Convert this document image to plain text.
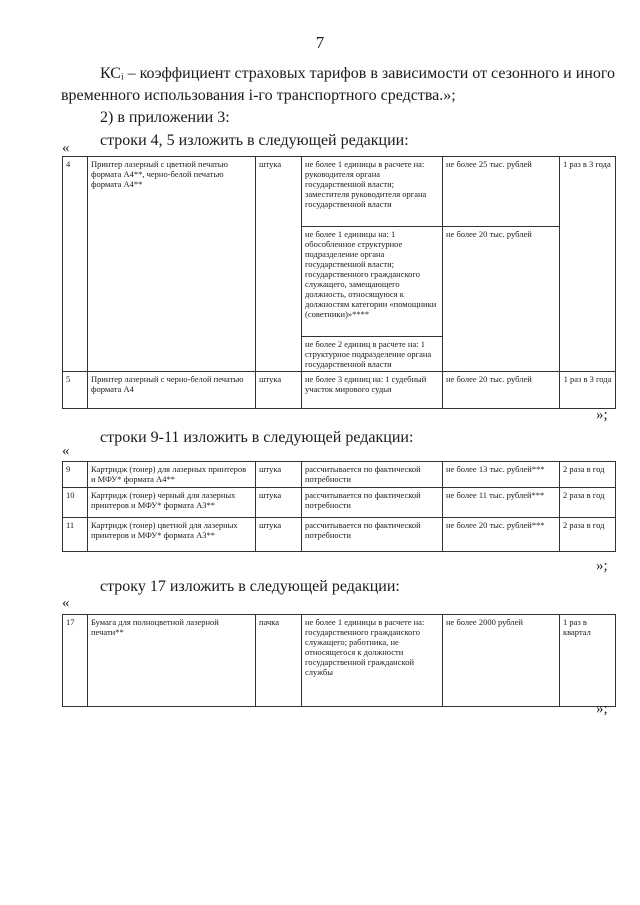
7
КСᵢ – коэффициент страховых тарифов в зависимости от сезонного и иного
временного использования i-го транспортного средства.»;
2) в приложении 3:
строки 4, 5 изложить в следующей редакции:
«
4	Принтер лазерный с цветной печатью формата А4**, черно-белой печатью формата А4**	штука	не более 1 единицы в расчете на: руководителя органа государственной власти; заместителя руководителя органа государственной власти	не более 25 тыс. рублей	1 раз в 3 года
			не более 1 единицы на: 1 обособленное структурное подразделение органа государственной власти; государственного гражданского служащего, замещающего должность, относящуюся к должностям категории «помощники (советники)»****	не более 20 тыс. рублей	
			не более 2 единиц в расчете на: 1 структурное подразделение органа государственной власти		
5	Принтер лазерный с черно-белой печатью формата А4	штука	не более 3 единиц на: 1 судебный участок мирового судьи	не более 20 тыс. рублей	1 раз в 3 года
»;
строки 9-11 изложить в следующей редакции:
«
9	Картридж (тонер) для лазерных принтеров и МФУ* формата А4**	штука	рассчитывается по фактической потребности	не более 13 тыс. рублей***	2 раза в год
10	Картридж (тонер) черный для лазерных принтеров и МФУ* формата А3**	штука	рассчитывается по фактической потребности	не более 11 тыс. рублей***	2 раза в год
11	Картридж (тонер) цветной для лазерных принтеров и МФУ* формата А3**	штука	рассчитывается по фактической потребности	не более 20 тыс. рублей***	2 раза в год
»;
строку 17 изложить в следующей редакции:
«
17	Бумага для полноцветной лазерной печати**	пачка	не более 1 единицы в расчете на: государственного гражданского служащего; работника, не относящегося к должности государственной гражданской службы	не более 2000 рублей	1 раз в квартал
»;
